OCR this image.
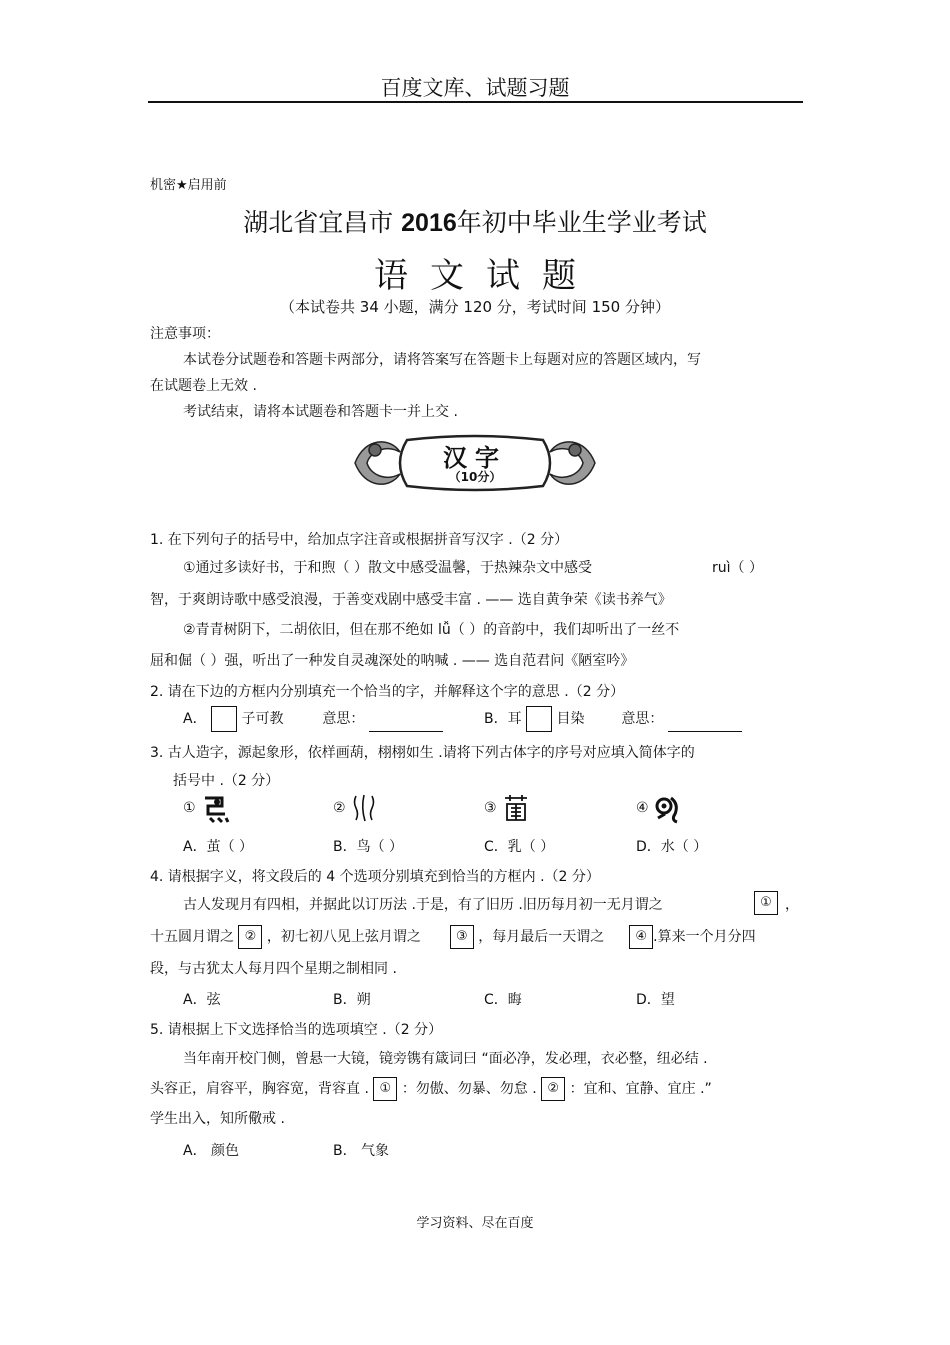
百度文库、试题习题
机密★启用前
湖北省宜昌市 2016年初中毕业生学业考试
语文试题
（本试卷共 34 小题，满分 120 分，考试时间 150 分钟）
注意事项：
本试卷分试题卷和答题卡两部分，请将答案写在答题卡上每题对应的答题区域内，写
在试题卷上无效 .
考试结束，请将本试题卷和答题卡一并上交 .
汉字
（10分）
1. 在下列句子的括号中，给加点字注音或根据拼音写汉字 .（2 分）
①通过多读好书，于和煦（ ）散文中感受温馨，于热辣杂文中感受	ruì（ ）
智，于爽朗诗歌中感受浪漫，于善变戏剧中感受丰富 . —— 选自黄争荣《读书养气》
②青青树阴下，二胡依旧，但在那不绝如 lǚ（ ）的音韵中，我们却听出了一丝不
屈和倔（ ）强，听出了一种发自灵魂深处的呐喊 . —— 选自范君问《陋室吟》
2. 请在下边的方框内分别填充一个恰当的字，并解释这个字的意思 .（2 分）
A． 子可教	意思：	B．耳 目染	意思：
3. 古人造字，源起象形，依样画葫，栩栩如生 .请将下列古体字的序号对应填入简体字的
括号中 .（2 分）
①	②	③	④
A．茧（ ）	B．鸟（ ）	C．乳（ ）	D．水（ ）
4. 请根据字义，将文段后的 4 个选项分别填充到恰当的方框内 .（2 分）
古人发现月有四相，并据此以订历法 .于是，有了旧历 .旧历每月初一无月谓之	① ，
十五圆月谓之 ② ，初七初八见上弦月谓之	③ ，每月最后一天谓之 ④ .算来一个月分四
段，与古犹太人每月四个星期之制相同 .
A．弦	B．朔	C．晦	D．望
5. 请根据上下文选择恰当的选项填空 .（2 分）
当年南开校门侧，曾悬一大镜，镜旁镌有箴词曰 “面必净，发必理，衣必整，纽必结 .
头容正，肩容平，胸容宽，背容直 . ① ：勿傲、勿暴、勿怠 . ② ：宜和、宜静、宜庄 .”
学生出入，知所儆戒 .
A． 颜色	B． 气象
学习资料、尽在百度
